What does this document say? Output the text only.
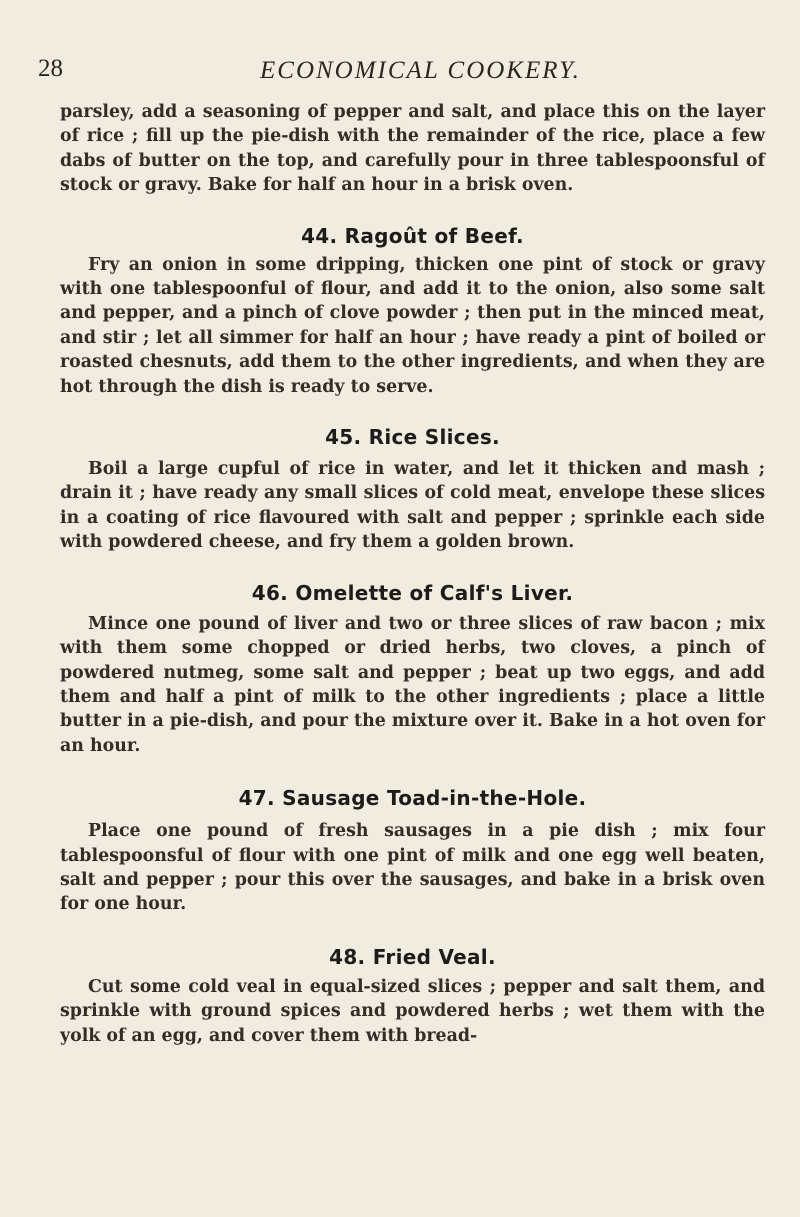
28	ECONOMICAL COOKERY.

parsley, add a seasoning of pepper and salt, and place this on the layer of rice ; fill up the pie-dish with the remainder of the rice, place a few dabs of butter on the top, and carefully pour in three tablespoonsful of stock or gravy. Bake for half an hour in a brisk oven.

44. Ragoût of Beef.

Fry an onion in some dripping, thicken one pint of stock or gravy with one tablespoonful of flour, and add it to the onion, also some salt and pepper, and a pinch of clove powder ; then put in the minced meat, and stir ; let all simmer for half an hour ; have ready a pint of boiled or roasted chesnuts, add them to the other ingredients, and when they are hot through the dish is ready to serve.

45. Rice Slices.

Boil a large cupful of rice in water, and let it thicken and mash ; drain it ; have ready any small slices of cold meat, envelope these slices in a coating of rice flavoured with salt and pepper ; sprinkle each side with powdered cheese, and fry them a golden brown.

46. Omelette of Calf's Liver.

Mince one pound of liver and two or three slices of raw bacon ; mix with them some chopped or dried herbs, two cloves, a pinch of powdered nutmeg, some salt and pepper ; beat up two eggs, and add them and half a pint of milk to the other ingredients ; place a little butter in a pie-dish, and pour the mixture over it. Bake in a hot oven for an hour.

47. Sausage Toad-in-the-Hole.

Place one pound of fresh sausages in a pie dish ; mix four tablespoonsful of flour with one pint of milk and one egg well beaten, salt and pepper ; pour this over the sausages, and bake in a brisk oven for one hour.

48. Fried Veal.

Cut some cold veal in equal-sized slices ; pepper and salt them, and sprinkle with ground spices and powdered herbs ; wet them with the yolk of an egg, and cover them with bread-
